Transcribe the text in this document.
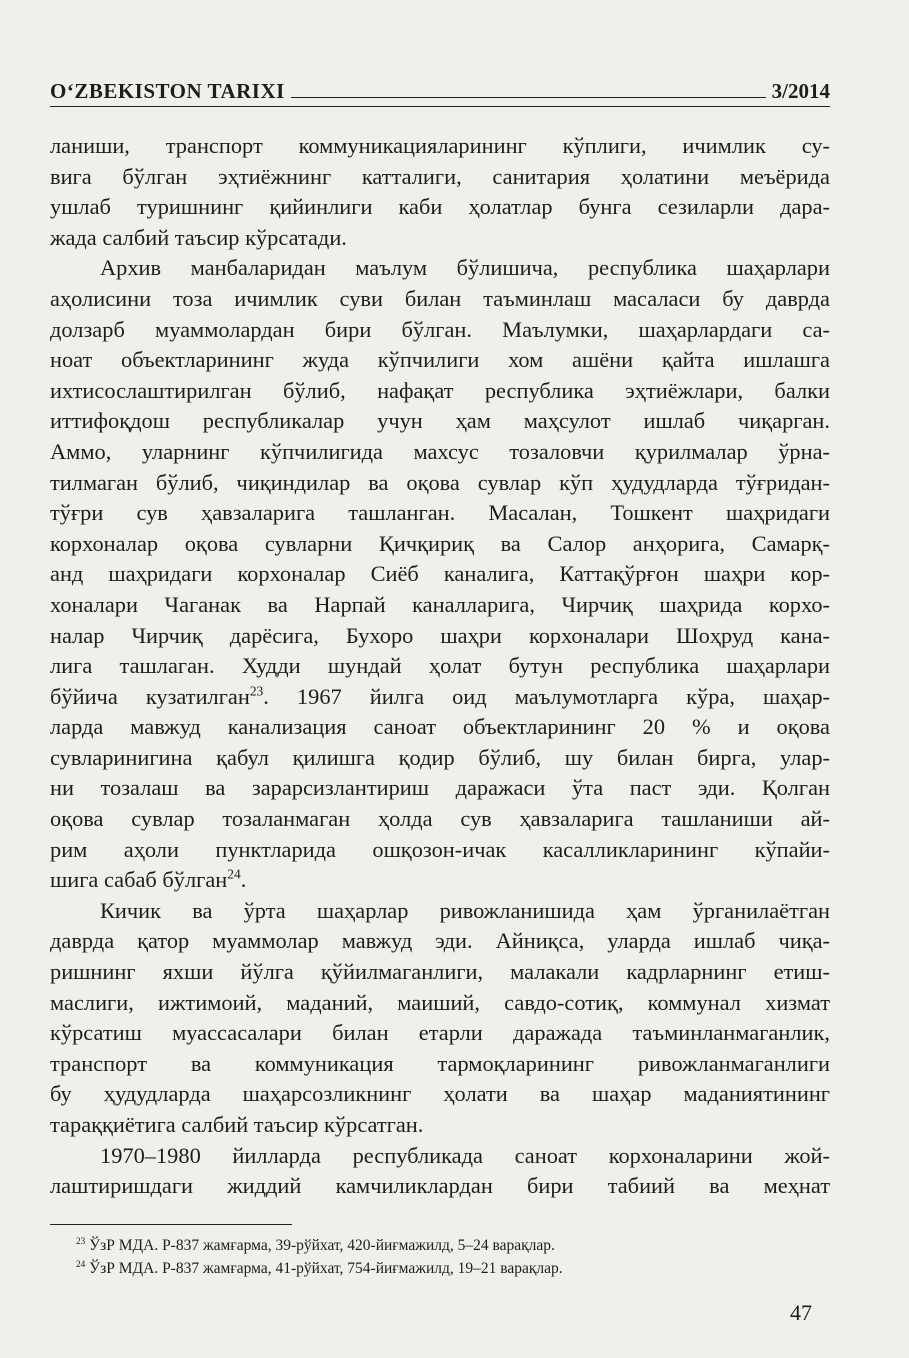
O‘ZBEKISTON TARIXI	3/2014
ланиши, транспорт коммуникацияларининг кўплиги, ичимлик су-
вига бўлган эҳтиёжнинг катталиги, санитария ҳолатини меъёрида
ушлаб туришнинг қийинлиги каби ҳолатлар бунга сезиларли дара-
жада салбий таъсир кўрсатади.
Архив манбаларидан маълум бўлишича, республика шаҳарлари
аҳолисини тоза ичимлик суви билан таъминлаш масаласи бу даврда
долзарб муаммолардан бири бўлган. Маълумки, шаҳарлардаги са-
ноат объектларининг жуда кўпчилиги хом ашёни қайта ишлашга
ихтисослаштирилган бўлиб, нафақат республика эҳтиёжлари, балки
иттифоқдош республикалар учун ҳам маҳсулот ишлаб чиқарган.
Аммо, уларнинг кўпчилигида махсус тозаловчи қурилмалар ўрна-
тилмаган бўлиб, чиқиндилар ва оқова сувлар кўп ҳудудларда тўғридан-
тўғри сув ҳавзаларига ташланган. Масалан, Тошкент шаҳридаги
корхоналар оқова сувларни Қичқириқ ва Салор анҳорига, Самарқ-
анд шаҳридаги корхоналар Сиёб каналига, Каттақўрғон шаҳри кор-
хоналари Чаганак ва Нарпай каналларига, Чирчиқ шаҳрида корхо-
налар Чирчиқ дарёсига, Бухоро шаҳри корхоналари Шоҳруд кана-
лига ташлаган. Худди шундай ҳолат бутун республика шаҳарлари
бўйича кузатилган$^{23}$. 1967 йилга оид маълумотларга кўра, шаҳар-
ларда мавжуд канализация саноат объектларининг 20 % и оқова
сувларинигина қабул қилишга қодир бўлиб, шу билан бирга, улар-
ни тозалаш ва зарарсизлантириш даражаси ўта паст эди. Қолган
оқова сувлар тозаланмаган ҳолда сув ҳавзаларига ташланиши ай-
рим аҳоли пунктларида ошқозон-ичак касалликларининг кўпайи-
шига сабаб бўлган$^{24}$.
Кичик ва ўрта шаҳарлар ривожланишида ҳам ўрганилаётган
даврда қатор муаммолар мавжуд эди. Айниқса, уларда ишлаб чиқа-
ришнинг яхши йўлга қўйилмаганлиги, малакали кадрларнинг етиш-
маслиги, ижтимоий, маданий, маиший, савдо-сотиқ, коммунал хизмат
кўрсатиш муассасалари билан етарли даражада таъминланмаганлик,
транспорт ва коммуникация тармоқларининг ривожланмаганлиги
бу ҳудудларда шаҳарсозликнинг ҳолати ва шаҳар маданиятининг
тараққиётига салбий таъсир кўрсатган.
1970–1980 йилларда республикада саноат корхоналарини жой-
лаштиришдаги жиддий камчиликлардан бири табиий ва меҳнат
$^{23}$ ЎзР МДА. Р-837 жамғарма, 39-рўйхат, 420-йиғмажилд, 5–24 варақлар.
$^{24}$ ЎзР МДА. Р-837 жамғарма, 41-рўйхат, 754-йиғмажилд, 19–21 варақлар.
47
